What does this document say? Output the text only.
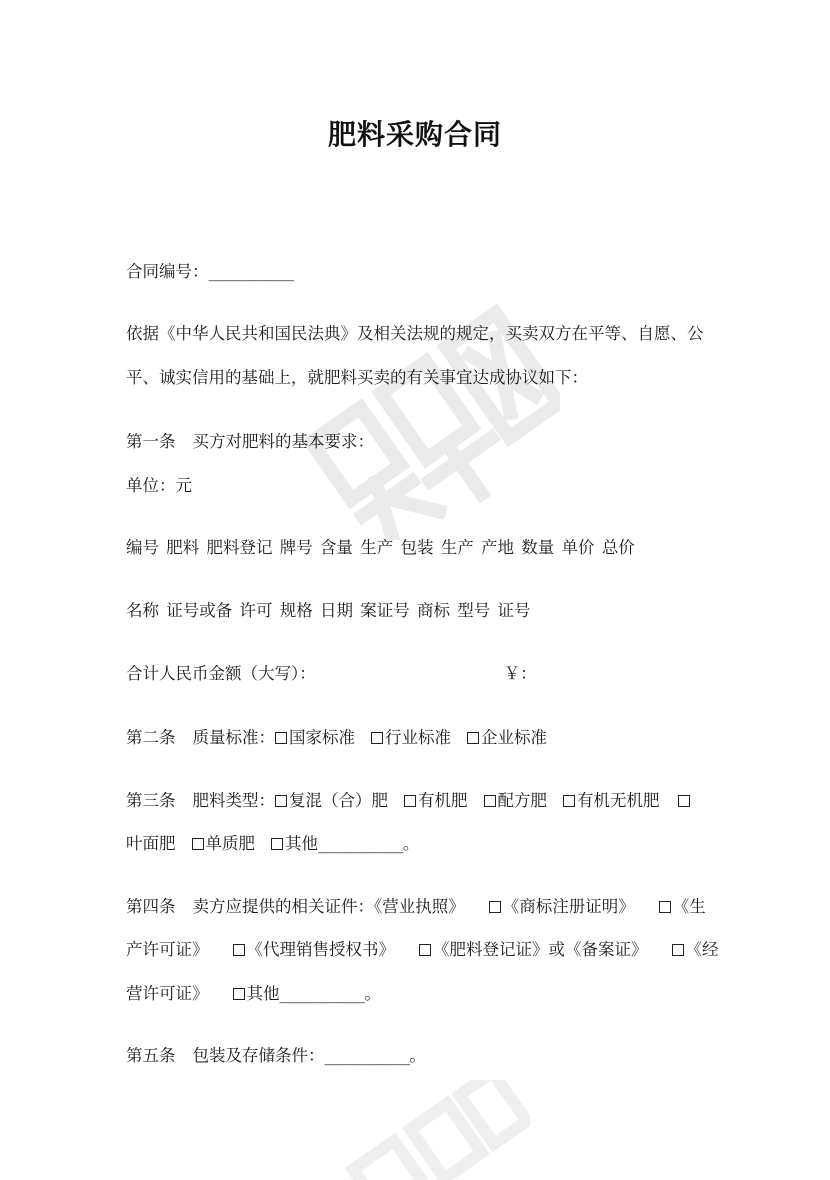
肥料采购合同
合同编号：_________
依据《中华人民共和国民法典》及相关法规的规定，买卖双方在平等、自愿、公
平、诚实信用的基础上，就肥料买卖的有关事宜达成协议如下：
第一条 买方对肥料的基本要求：
单位：元
编号 肥料 肥料登记 牌号 含量 生产 包装 生产 产地 数量 单价 总价
名称 证号或备 许可 规格 日期 案证号 商标 型号 证号
合计人民币金额（大写）：	￥：
第二条 质量标准： 国家标准 行业标准 企业标准
第三条 肥料类型： 复混（合）肥 有机肥 配方肥 有机无机肥
叶面肥 单质肥 其他_________。
第四条 卖方应提供的相关证件：《营业执照》 《商标注册证明》 《生
产许可证》 《代理销售授权书》 《肥料登记证》或《备案证》 《经
营许可证》 其他_________。
第五条 包装及存储条件：_________。
